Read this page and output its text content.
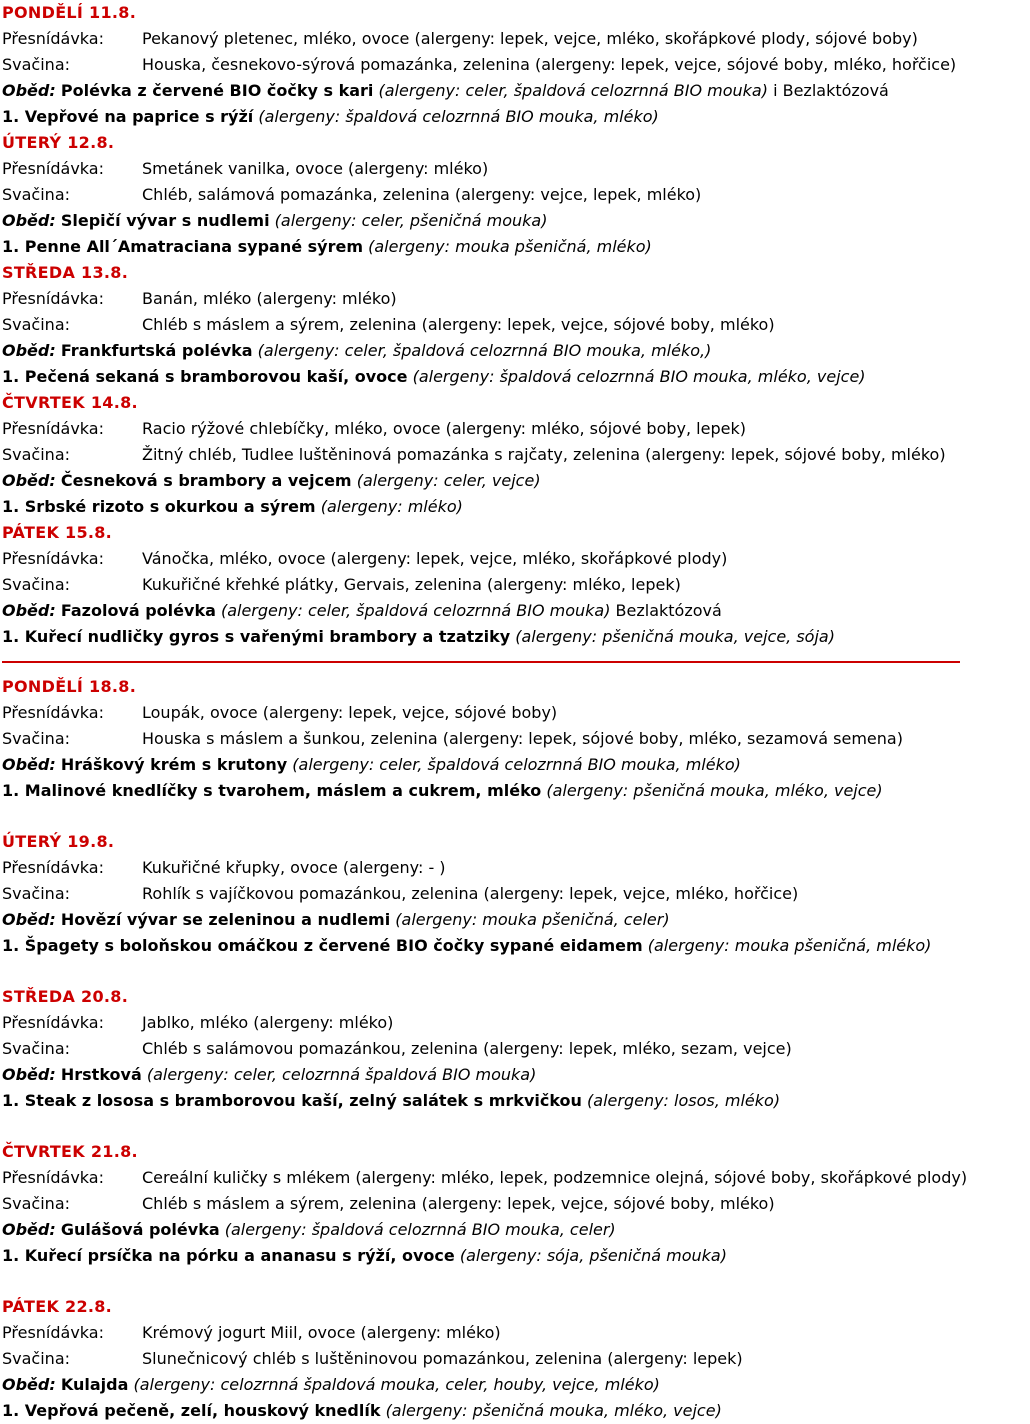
PONDĚLÍ 11.8.
Přesnídávka: Pekanový pletenec, mléko, ovoce (alergeny: lepek, vejce, mléko, skořápkové plody, sójové boby)
Svačina:	Houska, česnekovo-sýrová pomazánka, zelenina (alergeny: lepek, vejce, sójové boby, mléko, hořčice)
Oběd: Polévka z červené BIO čočky s kari (alergeny: celer, špaldová celozrnná BIO mouka) i Bezlaktózová
1. Vepřové na paprice s rýží (alergeny: špaldová celozrnná BIO mouka, mléko)
ÚTERÝ 12.8.
Přesnídávka: Smetánek vanilka, ovoce (alergeny: mléko)
Svačina:	Chléb, salámová pomazánka, zelenina (alergeny: vejce, lepek, mléko)
Oběd: Slepičí vývar s nudlemi (alergeny: celer, pšeničná mouka)
1. Penne All´Amatraciana sypané sýrem (alergeny: mouka pšeničná, mléko)
STŘEDA 13.8.
Přesnídávka: Banán, mléko (alergeny: mléko)
Svačina:	Chléb s máslem a sýrem, zelenina (alergeny: lepek, vejce, sójové boby, mléko)
Oběd: Frankfurtská polévka (alergeny: celer, špaldová celozrnná BIO mouka, mléko,)
1. Pečená sekaná s bramborovou kaší, ovoce (alergeny: špaldová celozrnná BIO mouka, mléko, vejce)
ČTVRTEK 14.8.
Přesnídávka: Racio rýžové chlebíčky, mléko, ovoce (alergeny: mléko, sójové boby, lepek)
Svačina:	Žitný chléb, Tudlee luštěninová pomazánka s rajčaty, zelenina (alergeny: lepek, sójové boby, mléko)
Oběd: Česneková s brambory a vejcem (alergeny: celer, vejce)
1. Srbské rizoto s okurkou a sýrem (alergeny: mléko)
PÁTEK 15.8.
Přesnídávka: Vánočka, mléko, ovoce (alergeny: lepek, vejce, mléko, skořápkové plody)
Svačina:	Kukuřičné křehké plátky, Gervais, zelenina (alergeny: mléko, lepek)
Oběd: Fazolová polévka (alergeny: celer, špaldová celozrnná BIO mouka) Bezlaktózová
1. Kuřecí nudličky gyros s vařenými brambory a tzatziky (alergeny: pšeničná mouka, vejce, sója)
PONDĚLÍ 18.8.
Přesnídávka: Loupák, ovoce (alergeny: lepek, vejce, sójové boby)
Svačina:	Houska s máslem a šunkou, zelenina (alergeny: lepek, sójové boby, mléko, sezamová semena)
Oběd: Hráškový krém s krutony (alergeny: celer, špaldová celozrnná BIO mouka, mléko)
1. Malinové knedlíčky s tvarohem, máslem a cukrem, mléko (alergeny: pšeničná mouka, mléko, vejce)
ÚTERÝ 19.8.
Přesnídávka: Kukuřičné křupky, ovoce (alergeny: - )
Svačina:	Rohlík s vajíčkovou pomazánkou, zelenina (alergeny: lepek, vejce, mléko, hořčice)
Oběd: Hovězí vývar se zeleninou a nudlemi (alergeny: mouka pšeničná, celer)
1. Špagety s boloňskou omáčkou z červené BIO čočky sypané eidamem (alergeny: mouka pšeničná, mléko)
STŘEDA 20.8.
Přesnídávka: Jablko, mléko (alergeny: mléko)
Svačina:	Chléb s salámovou pomazánkou, zelenina (alergeny: lepek, mléko, sezam, vejce)
Oběd: Hrstková (alergeny: celer, celozrnná špaldová BIO mouka)
1. Steak z lososa s bramborovou kaší, zelný salátek s mrkvičkou (alergeny: losos, mléko)
ČTVRTEK 21.8.
Přesnídávka: Cereální kuličky s mlékem (alergeny: mléko, lepek, podzemnice olejná, sójové boby, skořápkové plody)
Svačina:	Chléb s máslem a sýrem, zelenina (alergeny: lepek, vejce, sójové boby, mléko)
Oběd: Gulášová polévka (alergeny: špaldová celozrnná BIO mouka, celer)
1. Kuřecí prsíčka na pórku a ananasu s rýží, ovoce (alergeny: sója, pšeničná mouka)
PÁTEK 22.8.
Přesnídávka: Krémový jogurt Miil, ovoce (alergeny: mléko)
Svačina:	Slunečnicový chléb s luštěninovou pomazánkou, zelenina (alergeny: lepek)
Oběd: Kulajda (alergeny: celozrnná špaldová mouka, celer, houby, vejce, mléko)
1. Vepřová pečeně, zelí, houskový knedlík (alergeny: pšeničná mouka, mléko, vejce)
